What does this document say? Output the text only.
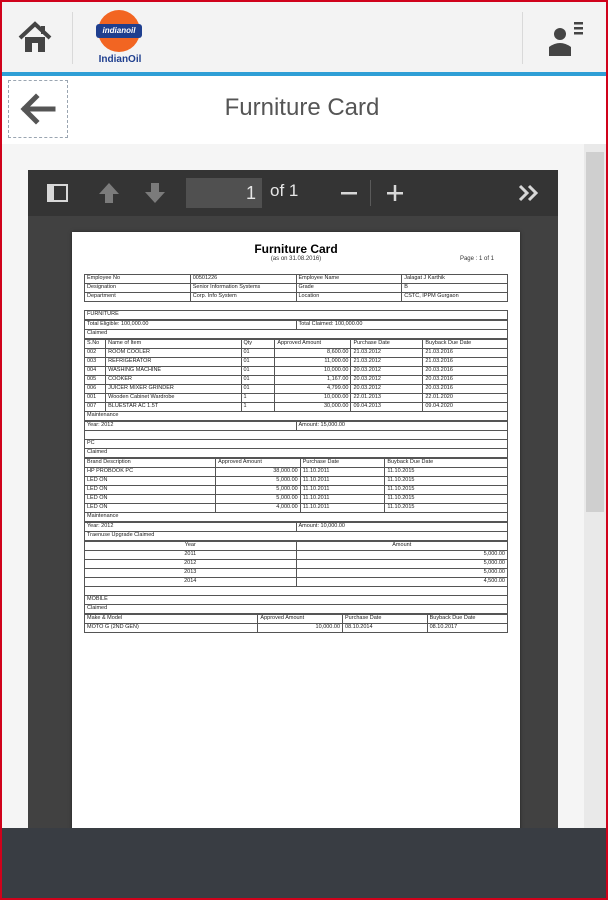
indianoil
IndianOil
Furniture Card
1
of 1
Furniture Card
(as on 31.08.2016)	Page : 1 of 1
Employee No	00501226	Employee Name	Jalagat J Karthik
Designation	Senior Information Systems	Grade	B
Department	Corp. Info System	Location	CSTC, IPPM Gurgaon
FURNITURE
Total Eligible: 100,000.00	Total Claimed: 100,000.00
Claimed
S.No	Name of Item	Qty	Approved Amount	Purchase Date	Buyback Due Date
002	ROOM COOLER	01	8,600.00	21.03.2012	21.03.2016
003	REFRIGERATOR	01	11,000.00	21.03.2012	21.03.2016
004	WASHING MACHINE	01	10,000.00	20.03.2012	20.03.2016
005	COOKER	01	1,167.00	20.03.2012	20.03.2016
006	JUICER MIXER GRINDER	01	4,799.00	20.03.2012	20.03.2016
001	Wooden Cabinet Wardrobe	1	10,000.00	22.01.2013	22.01.2020
007	BLUESTAR AC 1.5T	1	30,000.00	09.04.2013	09.04.2020
Maintenance
Year: 2012	Amount: 15,000.00
PC
Claimed
Brand Description	Approved Amount	Purchase Date	Buyback Due Date
HP PROBOOK PC	38,000.00	11.10.2011	11.10.2015
LED ON	5,000.00	11.10.2011	11.10.2015
LED ON	5,000.00	11.10.2011	11.10.2015
LED ON	5,000.00	11.10.2011	11.10.2015
LED ON	4,000.00	11.10.2011	11.10.2015
Maintenance
Year: 2012	Amount: 10,000.00
Traenuse Upgrade Claimed
Year	Amount
2011	5,000.00
2012	5,000.00
2013	5,000.00
2014	4,500.00
MOBILE
Claimed
Make & Model	Approved Amount	Purchase Date	Buyback Due Date
MOTO G (2ND GEN)	10,000.00	08.10.2014	08.10.2017
